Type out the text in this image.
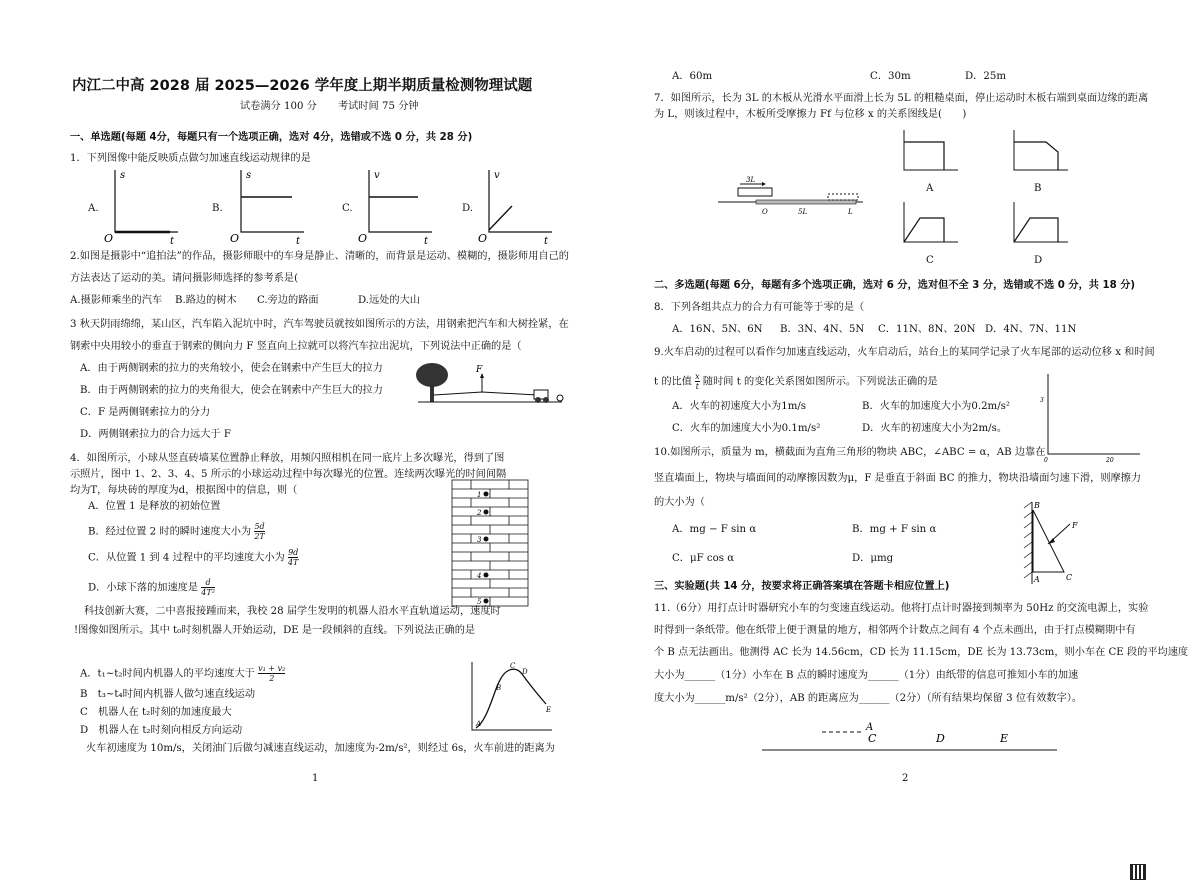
内江二中高 2028 届 2025—2026 学年度上期半期质量检测物理试题
试卷满分 100 分 考试时间 75 分钟
一、单选题(每题 4分，每题只有一个选项正确，选对 4分，选错或不选 0 分，共 28 分)
1．下列图像中能反映质点做匀加速直线运动规律的是
A.	B.	C.	D.
s
t
O
s
t
O
v
t
O
v
t
O
2.如图是摄影中“追拍法”的作品，摄影师眼中的车身是静止、清晰的，而背景是运动、模糊的，摄影师用自己的
方法表达了运动的美。请问摄影师选择的参考系是(
A.摄影师乘坐的汽车 B.路边的树木 C.旁边的路面	D.远处的大山
3 秋天阴雨绵绵，某山区，汽车陷入泥坑中时，汽车驾驶员就按如图所示的方法，用钢索把汽车和大树拴紧，在
钢索中央用较小的垂直于钢索的侧向力 F 竖直向上拉就可以将汽车拉出泥坑，下列说法中正确的是（
A．由于两侧钢索的拉力的夹角较小，使会在钢索中产生巨大的拉力
B．由于两侧钢索的拉力的夹角很大，使会在钢索中产生巨大的拉力
C．F 是两侧钢索拉力的分力
D．两侧钢索拉力的合力远大于 F
F
4．如图所示，小球从竖直砖墙某位置静止释放，用频闪照相机在同一底片上多次曝光，得到了图
示照片，图中 1、2、3、4、5 所示的小球运动过程中每次曝光的位置。连续两次曝光的时间间隔
均为T，每块砖的厚度为d，根据图中的信息，则（
A．位置 1 是释放的初始位置
B．经过位置 2 时的瞬时速度大小为 $\frac{5d}{2T}$
C．从位置 1 到 4 过程中的平均速度大小为 $\frac{9d}{4T}$
D．小球下落的加速度是 $\frac{d}{\text{4T²}}$
1
2
3
4
5
科技创新大赛，二中喜报接踵而来，我校 28 届学生发明的机器人沿水平直轨道运动，速度时
!图像如图所示。其中 t₀时刻机器人开始运动，DE 是一段倾斜的直线。下列说法正确的是
A．t₁~t₂时间内机器人的平均速度大于 $\frac{\text{v₁ + v₂}}{2}$
B　t₃~t₄时间内机器人做匀速直线运动
C　机器人在 t₂时刻的加速度最大
D　机器人在 t₂时刻向相反方向运动
A
B
C
D
E
火车初速度为 10m/s，关闭油门后做匀减速直线运动，加速度为-2m/s²，则经过 6s，火车前进的距离为
1
A．60m	C．30m	D．25m
7．如图所示，长为 3L 的木板从光滑水平面滑上长为 5L 的粗糙桌面，停止运动时木板右端到桌面边缘的距离
为 L，则该过程中，木板所受摩擦力 Ff 与位移 x 的关系图线是(　　)
3L
O	5L	L
A	B
C	D
二、多选题(每题 6分，每题有多个选项正确，选对 6 分，选对但不全 3 分，选错或不选 0 分，共 18 分)
8．下列各组共点力的合力有可能等于零的是（
A．16N、5N、6N B．3N、4N、5N C．11N、8N、20N D．4N、7N、11N
9.火车启动的过程可以看作匀加速直线运动，火车启动后，站台上的某同学记录了火车尾部的运动位移 x 和时间
t 的比值 $\frac{x}{t}$ 随时间 t 的变化关系图如图所示。下列说法正确的是
A．火车的初速度大小为1m/s	B．火车的加速度大小为0.2m/s²
C．火车的加速度大小为0.1m/s²	D．火车的初速度大小为2m/s。
3
0	20
10.如图所示，质量为 m，横截面为直角三角形的物块 ABC，∠ABC = α，AB 边靠在
竖直墙面上，物块与墙面间的动摩擦因数为μ，F 是垂直于斜面 BC 的推力，物块沿墙面匀速下滑，则摩擦力
的大小为（
A．mg − F sin α	B．mg + F sin α
C．μF cos α	D．μmg
B
A	C
F
三、实验题(共 14 分，按要求将正确答案填在答题卡相应位置上)
11.（6分）用打点计时器研究小车的匀变速直线运动。他将打点计时器接到频率为 50Hz 的交流电源上，实验
时得到一条纸带。他在纸带上便于测量的地方，相邻两个计数点之间有 4 个点未画出，由于打点模糊期中有
个 B 点无法画出。他测得 AC 长为 14.56cm，CD 长为 11.15cm，DE 长为 13.73cm，则小车在 CE 段的平均速度
大小为______（1分）小车在 B 点的瞬时速度为______（1分）由纸带的信息可推知小车的加速
度大小为______m/s²（2分），AB 的距离应为______（2分）（所有结果均保留 3 位有效数字）。
A
C	D	E
2
